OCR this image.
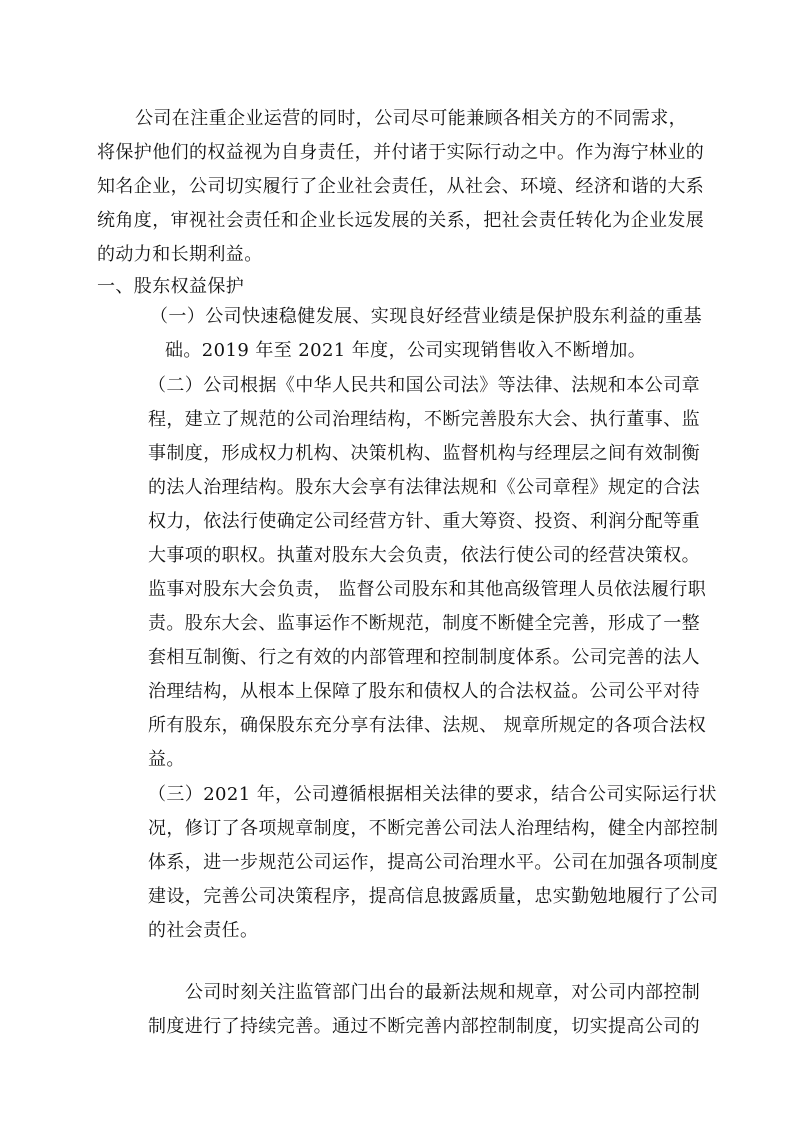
公司在注重企业运营的同时，公司尽可能兼顾各相关方的不同需求，
将保护他们的权益视为自身责任，并付诸于实际行动之中。作为海宁林业的
知名企业，公司切实履行了企业社会责任，从社会、环境、经济和谐的大系
统角度，审视社会责任和企业长远发展的关系，把社会责任转化为企业发展
的动力和长期利益。
一、股东权益保护
（一）公司快速稳健发展、实现良好经营业绩是保护股东利益的重基
础。2019 年至 2021 年度，公司实现销售收入不断增加。
（二）公司根据《中华人民共和国公司法》等法律、法规和本公司章
程，建立了规范的公司治理结构，不断完善股东大会、执行董事、监
事制度，形成权力机构、决策机构、监督机构与经理层之间有效制衡
的法人治理结构。股东大会享有法律法规和《公司章程》规定的合法
权力，依法行使确定公司经营方针、重大筹资、投资、利润分配等重
大事项的职权。执董对股东大会负责，依法行使公司的经营决策权。
监事对股东大会负责， 监督公司股东和其他高级管理人员依法履行职
责。股东大会、监事运作不断规范，制度不断健全完善，形成了一整
套相互制衡、行之有效的内部管理和控制制度体系。公司完善的法人
治理结构，从根本上保障了股东和债权人的合法权益。公司公平对待
所有股东，确保股东充分享有法律、法规、 规章所规定的各项合法权
益。
（三）2021 年，公司遵循根据相关法律的要求，结合公司实际运行状
况，修订了各项规章制度，不断完善公司法人治理结构，健全内部控制
体系，进一步规范公司运作，提高公司治理水平。公司在加强各项制度
建设，完善公司决策程序，提高信息披露质量，忠实勤勉地履行了公司
的社会责任。
公司时刻关注监管部门出台的最新法规和规章，对公司内部控制
制度进行了持续完善。通过不断完善内部控制制度，切实提高公司的
